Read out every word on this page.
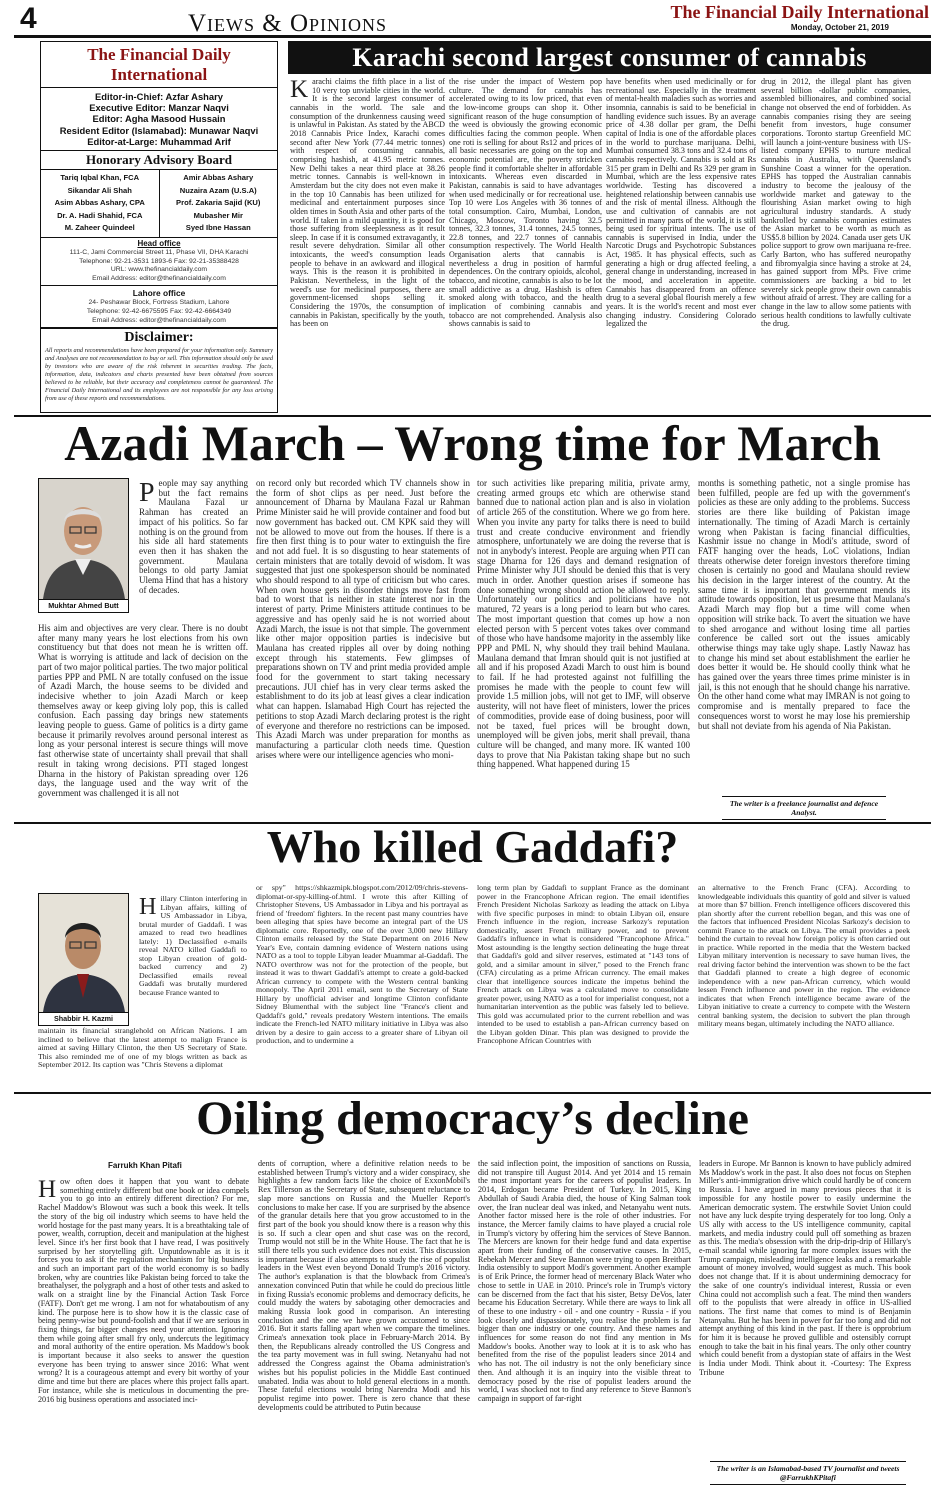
4	Views & Opinions	The Financial Daily International
Monday, October 21, 2019
The Financial Daily International
Editor-in-Chief: Azfar Ashary
Executive Editor: Manzar Naqvi
Editor: Agha Masood Hussain
Resident Editor (Islamabad): Munawar Naqvi
Editor-at-Large: Muhammad Arif
Honorary Advisory Board
Tariq Iqbal Khan, FCA
Sikandar Ali Shah
Asim Abbas Ashary, CPA
Dr. A. Hadi Shahid, FCA
M. Zaheer Quindeel
Amir Abbas Ashary
Nuzaira Azam (U.S.A)
Prof. Zakaria Sajid (KU)
Mubasher Mir
Syed Ibne Hassan
Head office
111-C, Jami Commercial Street 11, Phase VII, DHA Karachi
Telephone: 92-21-3531 1893-6 Fax: 92-21-35388428
URL: www.thefinancialdaily.com
Email Address: editor@thefinancialdaily.com
Lahore office
24- Peshawar Block, Fortress Stadium, Lahore
Telephone: 92-42-6675595 Fax: 92-42-6664349
Email Address: editor@thefinancialdaily.com
Disclaimer:
All reports and recommendations have been prepared for your information only. Summary and Analyses are not recommendation to buy or sell. This information should only be used by investors who are aware of the risk inherent in securities trading. The facts, information, data, indicators and charts presented have been obtained from sources believed to be reliable, but their accuracy and completeness cannot be guaranteed. The Financial Daily International and its employees are not responsible for any loss arising from use of these reports and recommendations.
Karachi second largest consumer of cannabis

Karachi claims the fifth place in a list of 10 very top unviable cities in the world. It is the second largest consumer of cannabis in the world. The sale and consumption of the drunkenness causing weed is unlawful in Pakistan. As stated by the ABCD 2018 Cannabis Price Index, Karachi comes second after New York (77.44 metric tonnes) with respect of consuming cannabis, comprising hashish, at 41.95 metric tonnes. New Delhi takes a near third place at 38.26 metric tonnes. Cannabis is well-known in Amsterdam but the city does not even make it in the top 10 Cannabis has been utilized for medicinal and entertainment purposes since olden times in South Asia and other parts of the world. If taken in a mild quantity, it is good for those suffering from sleeplessness as it result sleep. In case if it is consumed extravagantly, it result severe dehydration. Similar all other intoxicants, the weed's consumption leads people to behave in an awkward and illogical ways. This is the reason it is prohibited in Pakistan. Nevertheless, in the light of the weed's use for medicinal purposes, there are government-licensed shops selling it. Considering the 1970s, the consumption of cannabis in Pakistan, specifically by the youth, has been on

the rise under the impact of Western pop culture. The demand for cannabis has accelerated owing to its low priced, that even the low-income groups can shop it. Other significant reason of the huge consumption of the weed is obviously the growing economic difficulties facing the common people. When one roti is selling for about Rs12 and prices of all basic necessaries are going on the top and economic potential are, the poverty stricken people find it comfortable shelter in affordable intoxicants. Whereas even discarded in Pakistan, cannabis is said to have advantages when used medicinally or for recreational use. Top 10 were Los Angeles with 36 tonnes of total consumption. Cairo, Mumbai, London, Chicago, Moscow, Toronto having 32.5 tonnes, 32.3 tonnes, 31.4 tonnes, 24.5 tonnes, 22.8 tonnes, and 22.7 tonnes of cannabis consumption respectively. The World Health Organisation alerts that cannabis is nevertheless a drug in position of harmful dependences. On the contrary opioids, alcohol, tobacco, and nicotine, cannabis is also to be lot small addictive as a drug. Hashish is often smoked along with tobacco, and the health implication of combining cannabis and tobacco are not comprehended. Analysis also shows cannabis is said to

have benefits when used medicinally or for recreational use. Especially in the treatment of mental-health maladies such as worries and insomnia, cannabis is said to be beneficial in handling evidence such issues. By an average price of 4.38 dollar per gram, the Delhi capital of India is one of the affordable places in the world to purchase marijuana. Delhi, Mumbai consumed 38.3 tons and 32.4 tons of cannabis respectively. Cannabis is sold at Rs 315 per gram in Delhi and Rs 329 per gram in Mumbai, which are the less expensive rates worldwide. Testing has discovered a heightened relationship between cannabis use and the risk of mental illness. Although the use and cultivation of cannabis are not permitted in many parts of the world, it is still being used for spiritual intents. The use of cannabis is supervised in India, under the Narcotic Drugs and Psychotropic Substances Act, 1985. It has physical effects, such as generating a high or drug affected feeling, a general change in understanding, increased in the mood, and acceleration in appetite. Cannabis has disappeared from an offence drug to a several global flourish merely a few years. It is the world's recent and most ever changing industry. Considering Colorado legalized the

drug in 2012, the illegal plant has given several billion -dollar public companies, assembled billionaires, and combined social change not observed the end of forbidden. As cannabis companies rising they are seeing benefit from investors, huge consumer corporations. Toronto startup Greenfield MC will launch a joint-venture business with US-listed company EPHS to nurture medical cannabis in Australia, with Queensland's Sunshine Coast a winner for the operation. EPHS has topped the Australian cannabis industry to become the jealousy of the worldwide market and gateway to the flourishing Asian market owing to high agricultural industry standards. A study bankrolled by cannabis companies estimates the Asian market to be worth as much as US$5.8 billion by 2024. Canada user gets UK police support to grow own marijuana re-free. Carly Barton, who has suffered neuropathy and fibromyalgia since having a stroke at 24, has gained support from MPs. Five crime commissioners are backing a bid to let severely sick people grow their own cannabis without afraid of arrest. They are calling for a change in the law to allow some patients with serious health conditions to lawfully cultivate the drug.

Azadi March – Wrong time for March
Mukhtar Ahmed Butt

People may say anything but the fact remains Maulana Fazal ur Rahman has created an impact of his politics. So far nothing is on the ground from his side all hard statements even then it has shaken the government. Maulana belongs to old party Jamiat Ulema Hind that has a history of decades.

His aim and objectives are very clear. There is no doubt after many many years he lost elections from his own constituency but that does not mean he is written off. What is worrying is attitude and lack of decision on the part of two major political parties. The two major political parties PPP and PML N are totally confused on the issue of Azadi March, the house seems to be divided and indecisive whether to join Azadi March or keep themselves away or keep giving loly pop, this is called confusion. Each passing day brings new statements leaving people to guess. Game of politics is a dirty game because it primarily revolves around personal interest as long as your personal interest is secure things will move fast otherwise state of uncertainty shall prevail that shall result in taking wrong decisions. PTI staged longest Dharna in the history of Pakistan spreading over 126 days, the language used and the way writ of the government was challenged it is all not

on record only but recorded which TV channels show in the form of shot clips as per need. Just before the announcement of Dharna by Maulana Fazal ur Rahman Prime Minister said he will provide container and food but now government has backed out. CM KPK said they will not be allowed to move out from the houses. If there is a fire then first thing is to pour water to extinguish the fire and not add fuel. It is so disgusting to hear statements of certain ministers that are totally devoid of wisdom. It was suggested that just one spokesperson should be nominated who should respond to all type of criticism but who cares. When own house gets in disorder things move fast from bad to worst that is neither in state interest nor in the interest of party. Prime Ministers attitude continues to be aggressive and has openly said he is not worried about Azadi March, the issue is not that simple. The government like other major opposition parties is indecisive but Maulana has created ripples all over by doing nothing except through his statements. Few glimpses of preparations shown on TV and print media provided ample food for the government to start taking necessary precautions. JUI chief has in very clear terms asked the establishment to do its job at least gives a clear indication what can happen. Islamabad High Court has rejected the petitions to stop Azadi March declaring protest is the right of everyone and therefore no restrictions can be imposed. This Azadi March was under preparation for months as manufacturing a particular cloth needs time. Question arises where were our intelligence agencies who moni-

tor such activities like preparing militia, private army, creating armed groups etc which are otherwise stand banned due to national action plan and is also in violation of article 265 of the constitution. Where we go from here. When you invite any party for talks there is need to build trust and create conducive environment and friendly atmosphere, unfortunately we are doing the reverse that is not in anybody's interest. People are arguing when PTI can stage Dharna for 126 days and demand resignation of Prime Minister why JUI should be denied this that is very much in order. Another question arises if someone has done something wrong should action be allowed to reply. Unfortunately our politics and politicians have not matured, 72 years is a long period to learn but who cares. The most important question that comes up how a non elected person with 5 percent votes takes over command of those who have handsome majority in the assembly like PPP and PML N, why should they trail behind Maulana. Maulana demand that Imran should quit is not justified at all and if his proposed Azadi March to oust him is bound to fail. If he had protested against not fulfilling the promises he made with the people to count few will provide 1.5 million jobs, will not get to IMF, will observe austerity, will not have fleet of ministers, lower the prices of commodities, provide ease of doing business, poor will not be taxed, fuel prices will be brought down, unemployed will be given jobs, merit shall prevail, thana culture will be changed, and many more. IK wanted 100 days to prove that Nia Pakistan taking shape but no such thing happened. What happened during 15

months is something pathetic, not a single promise has been fulfilled, people are fed up with the government's policies as these are only adding to the problems. Success stories are there like building of Pakistan image internationally. The timing of Azadi March is certainly wrong when Pakistan is facing financial difficulties, Kashmir issue no change in Modi's attitude, sword of FATF hanging over the heads, LoC violations, Indian threats otherwise deter foreign investors therefore timing chosen is certainly no good and Maulana should review his decision in the larger interest of the country. At the same time it is important that government mends its attitude towards opposition, let us presume that Maulana's Azadi March may flop but a time will come when opposition will strike back. To avert the situation we have to shed arrogance and without losing time all parties conference be called sort out the issues amicably otherwise things may take ugly shape. Lastly Nawaz has to change his mind set about establishment the earlier he does better it would be. He should coolly think what he has gained over the years three times prime minister is in jail, is this not enough that he should change his narrative. On the other hand come what may IMRAN is not going to compromise and is mentally prepared to face the consequences worst to worst he may lose his premiership but shall not deviate from his agenda of Nia Pakistan.

The writer is a freelance journalist and defence Analyst.
Who killed Gaddafi?
Shabbir H. Kazmi

Hillary Clinton interfering in Libyan affairs, killing of US Ambassador in Libya, brutal murder of Gaddafi. I was amazed to read two headlines lately: 1) Declassified e-mails reveal NATO killed Gaddafi to stop Libyan creation of gold-backed currency and 2) Declassified emails reveal Gaddafi was brutally murdered because France wanted to

maintain its financial stranglehold on African Nations. I am inclined to believe that the latest attempt to malign France is aimed at saving Hillary Clinton, the then US Secretary of State. This also reminded me of one of my blogs written as back as September 2012. Its caption was "Chris Stevens a diplomat

or spy" https://shkazmipk.blogspot.com/2012/09/chris-stevens-diplomat-or-spy-killing-of.html. I wrote this after Killing of Christopher Stevens, US Ambassador in Libya and his portrayal as friend of 'freedom' fighters. In the recent past many countries have been alleging that spies have become an integral part of the US diplomatic core. Reportedly, one of the over 3,000 new Hillary Clinton emails released by the State Department on 2016 New Year's Eve, contain damning evidence of Western nations using NATO as a tool to topple Libyan leader Muammar al-Gaddafi. The NATO overthrow was not for the protection of the people, but instead it was to thwart Gaddafi's attempt to create a gold-backed African currency to compete with the Western central banking monopoly. The April 2011 email, sent to the Secretary of State Hillary by unofficial adviser and longtime Clinton confidante Sidney Blumenthal with the subject line "France's client and Qaddafi's gold," reveals predatory Western intentions. The emails indicate the French-led NATO military initiative in Libya was also driven by a desire to gain access to a greater share of Libyan oil production, and to undermine a

long term plan by Gaddafi to supplant France as the dominant power in the Francophone African region. The email identifies French President Nicholas Sarkozy as leading the attack on Libya with five specific purposes in mind: to obtain Libyan oil, ensure French influence in the region, increase Sarkozy's reputation domestically, assert French military power, and to prevent Gaddafi's influence in what is considered "Francophone Africa." Most astounding is the lengthy section delineating the huge threat that Gaddafi's gold and silver reserves, estimated at "143 tons of gold, and a similar amount in silver," posed to the French franc (CFA) circulating as a prime African currency. The email makes clear that intelligence sources indicate the impetus behind the French attack on Libya was a calculated move to consolidate greater power, using NATO as a tool for imperialist conquest, not a humanitarian intervention as the public was falsely led to believe. This gold was accumulated prior to the current rebellion and was intended to be used to establish a pan-African currency based on the Libyan golden Dinar. This plan was designed to provide the Francophone African Countries with

an alternative to the French Franc (CFA). According to knowledgeable individuals this quantity of gold and silver is valued at more than $7 billion. French intelligence officers discovered this plan shortly after the current rebellion began, and this was one of the factors that influenced President Nicolas Sarkozy's decision to commit France to the attack on Libya. The email provides a peek behind the curtain to reveal how foreign policy is often carried out in practice. While reported in the media that the Western backed Libyan military intervention is necessary to save human lives, the real driving factor behind the intervention was shown to be the fact that Gaddafi planned to create a high degree of economic independence with a new pan-African currency, which would lessen French influence and power in the region. The evidence indicates that when French intelligence became aware of the Libyan initiative to create a currency to compete with the Western central banking system, the decision to subvert the plan through military means began, ultimately including the NATO alliance.

Oiling democracy’s decline
Farrukh Khan Pitafi

How often does it happen that you want to debate something entirely different but one book or idea compels you to go into an entirely different direction? For me, Rachel Maddow's Blowout was such a book this week. It tells the story of the big oil industry which seems to have held the world hostage for the past many years. It is a breathtaking tale of power, wealth, corruption, deceit and manipulation at the highest level. Since it's her first book that I have read, I was positively surprised by her storytelling gift. Unputdownable as it is it forces you to ask if the regulation mechanism for big business and such an important part of the world economy is so badly broken, why are countries like Pakistan being forced to take the breathalyser, the polygraph and a host of other tests and asked to walk on a straight line by the Financial Action Task Force (FATF). Don't get me wrong. I am not for whataboutism of any kind. The purpose here is to show how it is the classic case of being penny-wise but pound-foolish and that if we are serious in fixing things, far bigger changes need your attention. Ignoring them while going after small fry only, undercuts the legitimacy and moral authority of the entire operation. Ms Maddow's book is important because it also seeks to answer the question everyone has been trying to answer since 2016: What went wrong? It is a courageous attempt and every bit worthy of your dime and time but there are places where this project falls apart. For instance, while she is meticulous in documenting the pre-2016 big business operations and associated inci-

dents of corruption, where a definitive relation needs to be established between Trump's victory and a wider conspiracy, she highlights a few random facts like the choice of ExxonMobil's Rex Tillerson as the Secretary of State, subsequent reluctance to slap more sanctions on Russia and the Mueller Report's conclusions to make her case. If you are surprised by the absence of the granular details here that you grow accustomed to in the first part of the book you should know there is a reason why this is so. If such a clear open and shut case was on the record, Trump would not still be in the White House. The fact that he is still there tells you such evidence does not exist. This discussion is important because if also attempts to study the rise of populist leaders in the West even beyond Donald Trump's 2016 victory. The author's explanation is that the blowback from Crimea's annexation convinced Putin that while he could do precious little in fixing Russia's economic problems and democracy deficits, he could muddy the waters by sabotaging other democracies and making Russia look good in comparison. An interesting conclusion and the one we have grown accustomed to since 2016. But it starts falling apart when we compare the timelines. Crimea's annexation took place in February-March 2014. By then, the Republicans already controlled the US Congress and the tea party movement was in full swing. Netanyahu had not addressed the Congress against the Obama administration's wishes but his populist policies in the Middle East continued unabated. India was about to hold general elections in a month. These fateful elections would bring Narendra Modi and his populist regime into power. There is zero chance that these developments could be attributed to Putin because

the said inflection point, the imposition of sanctions on Russia, did not transpire till August 2014. And yet 2014 and 15 remain the most important years for the careers of populist leaders. In 2014, Erdogan became President of Turkey. In 2015, King Abdullah of Saudi Arabia died, the house of King Salman took over, the Iran nuclear deal was inked, and Netanyahu went nuts. Another factor missed here is the role of other industries. For instance, the Mercer family claims to have played a crucial role in Trump's victory by offering him the services of Steve Bannon. The Mercers are known for their hedge fund and data expertise apart from their funding of the conservative causes. In 2015, Rebekah Mercer and Steve Bannon were trying to open Breitbart India ostensibly to support Modi's government. Another example is of Erik Prince, the former head of mercenary Black Water who chose to settle in UAE in 2010. Prince's role in Trump's victory can be discerned from the fact that his sister, Betsy DeVos, later became his Education Secretary. While there are ways to link all of these to one industry - oil - and one country - Russia - if you look closely and dispassionately, you realise the problem is far bigger than one industry or one country. And these names and influences for some reason do not find any mention in Ms Maddow's books. Another way to look at it is to ask who has benefited from the rise of the populist leaders since 2014 and who has not. The oil industry is not the only beneficiary since then. And although it is an inquiry into the visible threat to democracy posed by the rise of populist leaders around the world, I was shocked not to find any reference to Steve Bannon's campaign in support of far-right

leaders in Europe. Mr Bannon is known to have publicly admired Ms Maddow's work in the past. It also does not focus on Stephen Miller's anti-immigration drive which could hardly be of concern to Russia. I have argued in many previous pieces that it is impossible for any hostile power to easily undermine the American democratic system. The erstwhile Soviet Union could not have any luck despite trying desperately for too long. Only a US ally with access to the US intelligence community, capital markets, and media industry could pull off something as brazen as this. The media's obsession with the drip-drip-drip of Hillary's e-mail scandal while ignoring far more complex issues with the Trump campaign, misleading intelligence leaks and a remarkable amount of money involved, would suggest as much. This book does not change that. If it is about undermining democracy for the sake of one country's individual interest, Russia or even China could not accomplish such a feat. The mind then wanders off to the populists that were already in office in US-allied nations. The first name that comes to mind is of Benjamin Netanyahu. But he has been in power for far too long and did not attempt anything of this kind in the past. If there is opprobrium for him it is because he proved gullible and ostensibly corrupt enough to take the bait in his final years. The only other country which could benefit from a dystopian state of affairs in the West is India under Modi. Think about it. -Courtesy: The Express Tribune

The writer is an Islamabad-based TV journalist and tweets @FarrukhKPitafi
